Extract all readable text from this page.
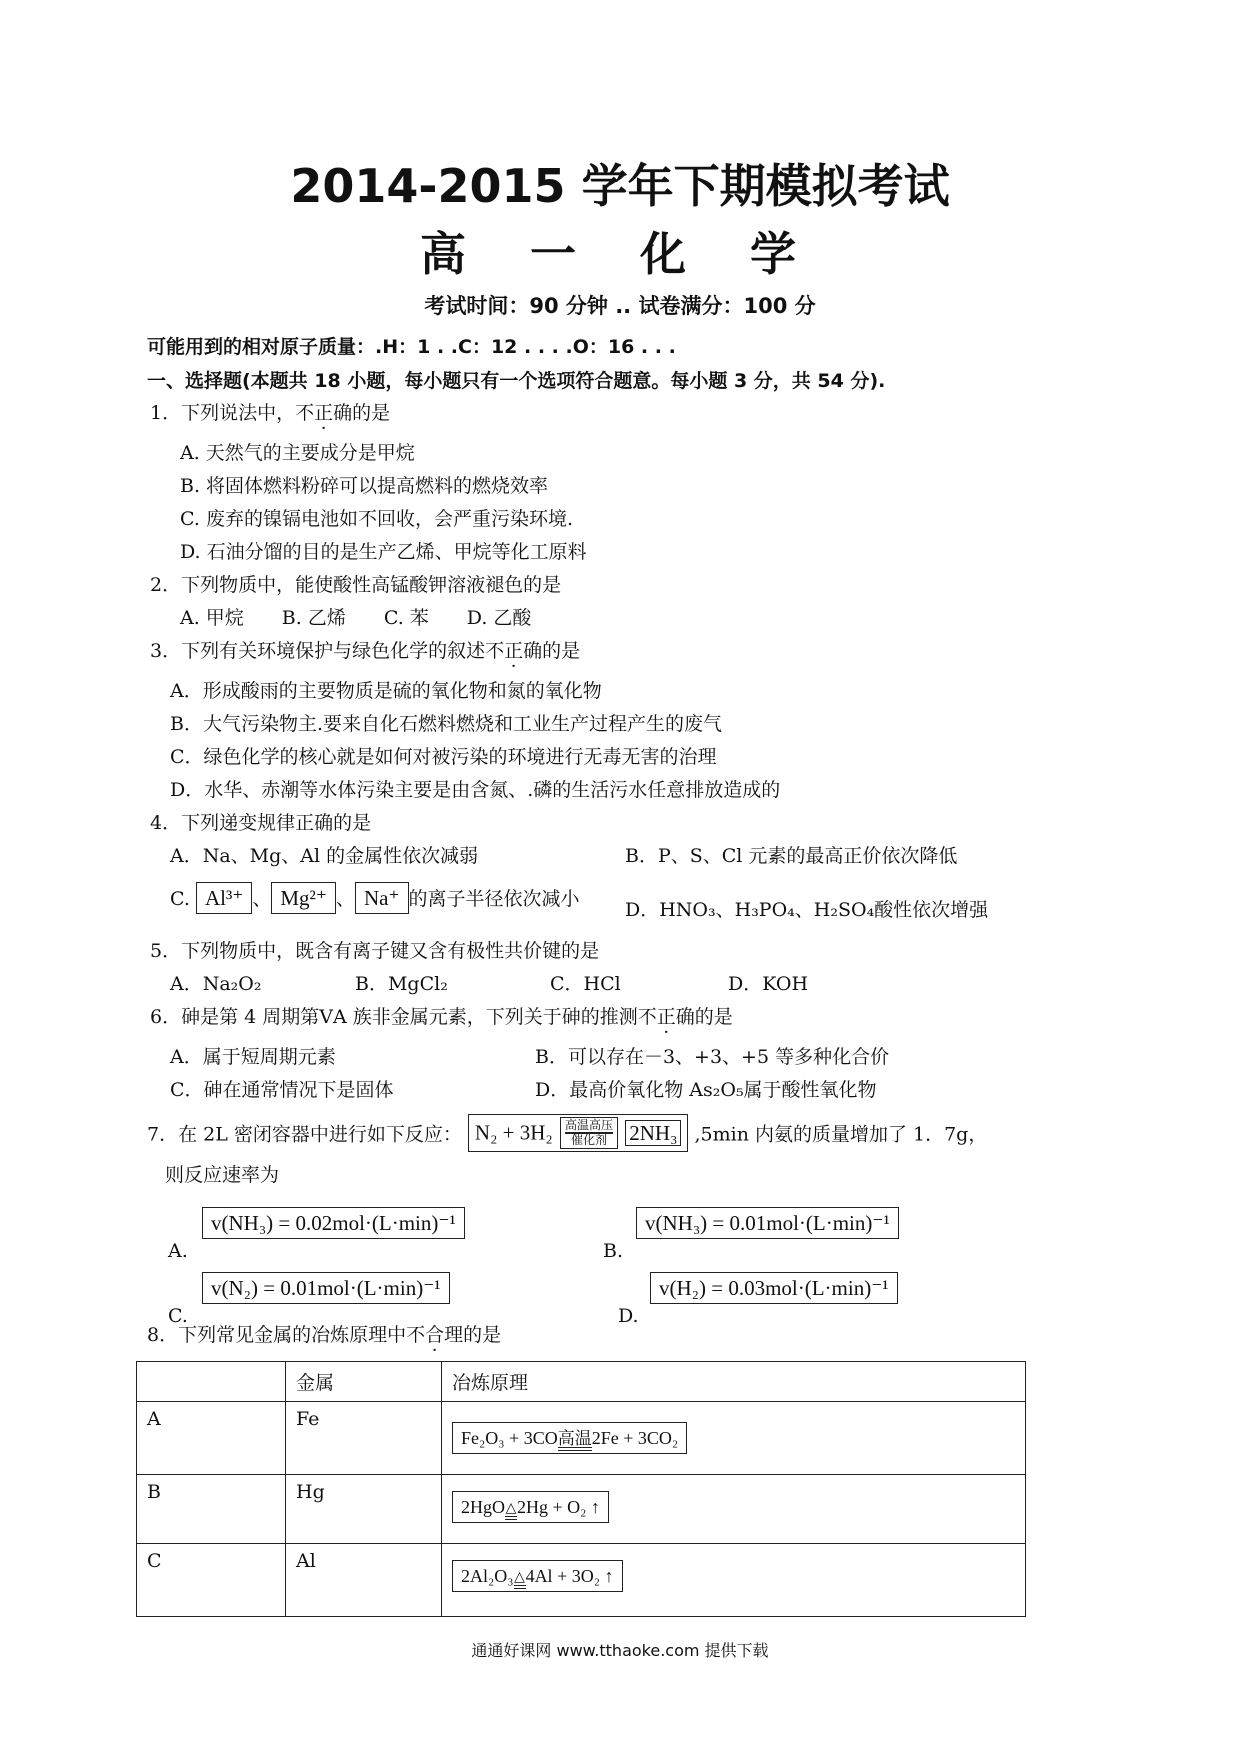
2014-2015 学年下期模拟考试
高 一 化 学
考试时间：90 分钟 .. 试卷满分：100 分
可能用到的相对原子质量：.H：1 . .C：12 . . . .O：16 . . .
一、选择题(本题共 18 小题，每小题只有一个选项符合题意。每小题 3 分，共 54 分).
1．下列说法中，不正确的是
A. 天然气的主要成分是甲烷
B. 将固体燃料粉碎可以提高燃料的燃烧效率
C. 废弃的镍镉电池如不回收，会严重污染环境.
D. 石油分馏的目的是生产乙烯、甲烷等化工原料
2．下列物质中，能使酸性高锰酸钾溶液褪色的是
A. 甲烷　　B. 乙烯　　C. 苯　　D. 乙酸
3．下列有关环境保护与绿色化学的叙述不正确的是
A．形成酸雨的主要物质是硫的氧化物和氮的氧化物
B．大气污染物主.要来自化石燃料燃烧和工业生产过程产生的废气
C．绿色化学的核心就是如何对被污染的环境进行无毒无害的治理
D．水华、赤潮等水体污染主要是由含氮、.磷的生活污水任意排放造成的
4．下列递变规律正确的是
A．Na、Mg、Al 的金属性依次减弱	B．P、S、Cl 元素的最高正价依次降低
C. Al³⁺ 、 Mg²⁺ 、 Na⁺ 的离子半径依次减小 D．HNO₃、H₃PO₄、H₂SO₄酸性依次增强
5．下列物质中，既含有离子键又含有极性共价键的是
A．Na₂O₂	B．MgCl₂	C．HCl	D．KOH
6．砷是第 4 周期第ⅤA 族非金属元素，下列关于砷的推测不正确的是
A．属于短周期元素	B．可以存在－3、+3、+5 等多种化合价
C．砷在通常情况下是固体	D．最高价氧化物 As₂O₅属于酸性氧化物
7．在 2L 密闭容器中进行如下反应： N₂ + 3H₂ 高温高压
催化剂 2NH₃ ,5min 内氨的质量增加了 1．7g，
则反应速率为
A.
v(NH₃) = 0.02mol·(L·min)⁻¹
B.
v(NH₃) = 0.01mol·(L·min)⁻¹
C.
v(N₂) = 0.01mol·(L·min)⁻¹
D.
v(H₂) = 0.03mol·(L·min)⁻¹
8．下列常见金属的冶炼原理中不合理的是
	金属	冶炼原理
A	Fe	Fe₂O₃ + 3CO 高温 2Fe + 3CO₂
B	Hg	2HgO △ 2Hg + O₂ ↑
C	Al	2Al₂O₃ △ 4Al + 3O₂ ↑
通通好课网 www.tthaoke.com 提供下载
